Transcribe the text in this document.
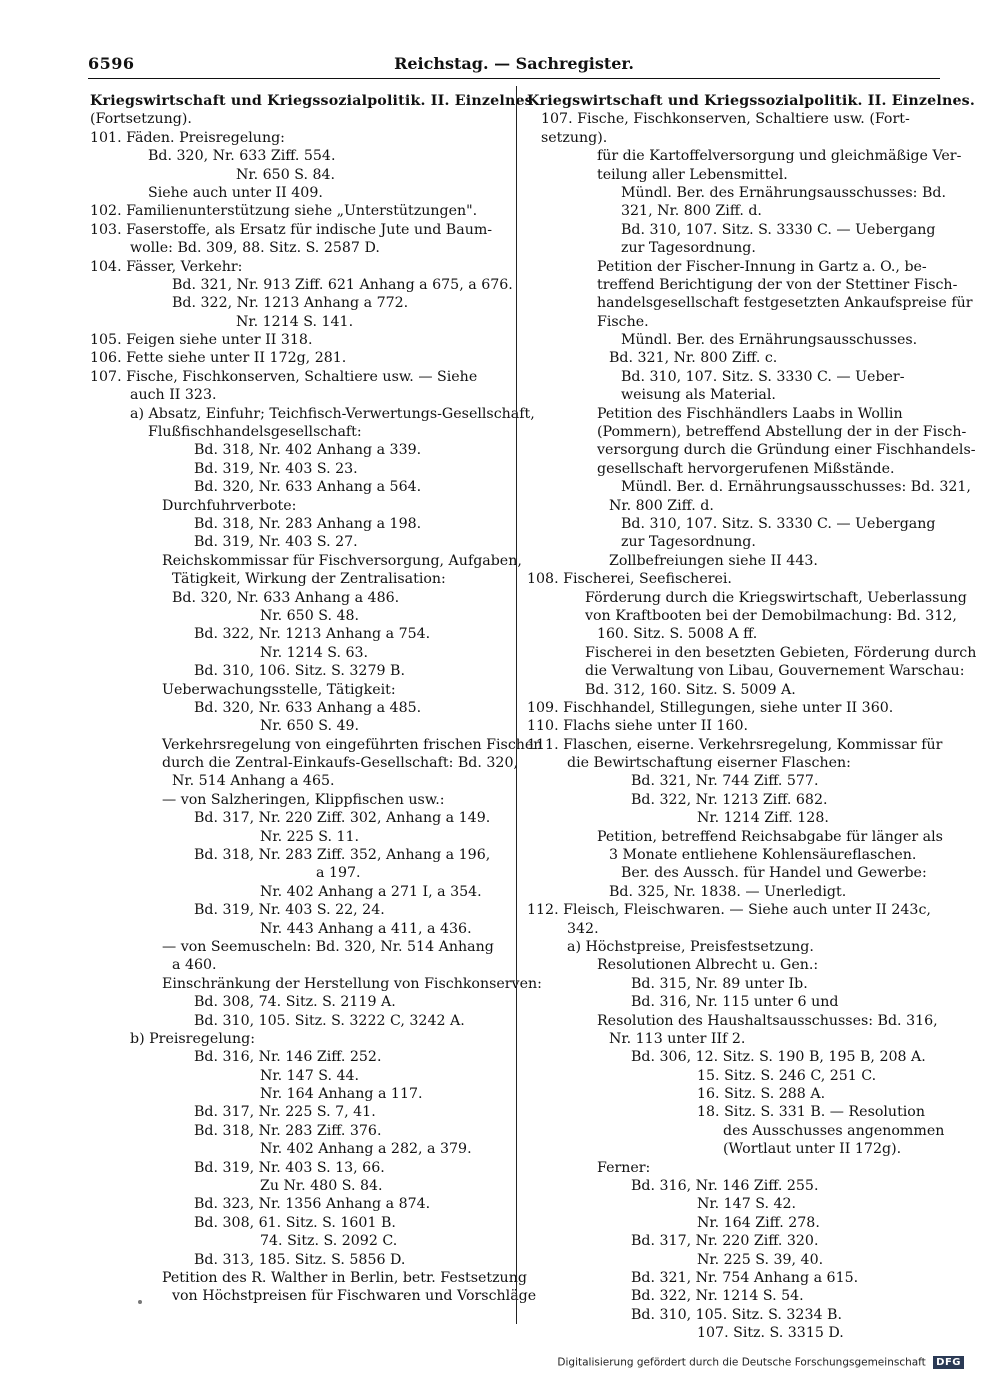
6596	Reichstag. — Sachregister.
Kriegswirtschaft und Kriegssozialpolitik. II. Einzelnes
(Fortsetzung).
101. Fäden. Preisregelung:
Bd. 320, Nr. 633 Ziff. 554.
Nr. 650 S. 84.
Siehe auch unter II 409.
102. Familienunterstützung siehe „Unterstützungen".
103. Faserstoffe, als Ersatz für indische Jute und Baum-
wolle: Bd. 309, 88. Sitz. S. 2587 D.
104. Fässer, Verkehr:
Bd. 321, Nr. 913 Ziff. 621 Anhang a 675, a 676.
Bd. 322, Nr. 1213 Anhang a 772.
Nr. 1214 S. 141.
105. Feigen siehe unter II 318.
106. Fette siehe unter II 172g, 281.
107. Fische, Fischkonserven, Schaltiere usw. — Siehe
auch II 323.
a) Absatz, Einfuhr; Teichfisch-Verwertungs-Gesellschaft,
Flußfischhandelsgesellschaft:
Bd. 318, Nr. 402 Anhang a 339.
Bd. 319, Nr. 403 S. 23.
Bd. 320, Nr. 633 Anhang a 564.
Durchfuhrverbote:
Bd. 318, Nr. 283 Anhang a 198.
Bd. 319, Nr. 403 S. 27.
Reichskommissar für Fischversorgung, Aufgaben,
Tätigkeit, Wirkung der Zentralisation:
Bd. 320, Nr. 633 Anhang a 486.
Nr. 650 S. 48.
Bd. 322, Nr. 1213 Anhang a 754.
Nr. 1214 S. 63.
Bd. 310, 106. Sitz. S. 3279 B.
Ueberwachungsstelle, Tätigkeit:
Bd. 320, Nr. 633 Anhang a 485.
Nr. 650 S. 49.
Verkehrsregelung von eingeführten frischen Fischen
durch die Zentral-Einkaufs-Gesellschaft: Bd. 320,
Nr. 514 Anhang a 465.
— von Salzheringen, Klippfischen usw.:
Bd. 317, Nr. 220 Ziff. 302, Anhang a 149.
Nr. 225 S. 11.
Bd. 318, Nr. 283 Ziff. 352, Anhang a 196,
a 197.
Nr. 402 Anhang a 271 I, a 354.
Bd. 319, Nr. 403 S. 22, 24.
Nr. 443 Anhang a 411, a 436.
— von Seemuscheln: Bd. 320, Nr. 514 Anhang
a 460.
Einschränkung der Herstellung von Fischkonserven:
Bd. 308, 74. Sitz. S. 2119 A.
Bd. 310, 105. Sitz. S. 3222 C, 3242 A.
b) Preisregelung:
Bd. 316, Nr. 146 Ziff. 252.
Nr. 147 S. 44.
Nr. 164 Anhang a 117.
Bd. 317, Nr. 225 S. 7, 41.
Bd. 318, Nr. 283 Ziff. 376.
Nr. 402 Anhang a 282, a 379.
Bd. 319, Nr. 403 S. 13, 66.
Zu Nr. 480 S. 84.
Bd. 323, Nr. 1356 Anhang a 874.
Bd. 308, 61. Sitz. S. 1601 B.
74. Sitz. S. 2092 C.
Bd. 313, 185. Sitz. S. 5856 D.
Petition des R. Walther in Berlin, betr. Festsetzung
von Höchstpreisen für Fischwaren und Vorschläge
Kriegswirtschaft und Kriegssozialpolitik. II. Einzelnes.
107. Fische, Fischkonserven, Schaltiere usw. (Fort-
setzung).
für die Kartoffelversorgung und gleichmäßige Ver-
teilung aller Lebensmittel.
Mündl. Ber. des Ernährungsausschusses: Bd.
321, Nr. 800 Ziff. d.
Bd. 310, 107. Sitz. S. 3330 C. — Uebergang
zur Tagesordnung.
Petition der Fischer-Innung in Gartz a. O., be-
treffend Berichtigung der von der Stettiner Fisch-
handelsgesellschaft festgesetzten Ankaufspreise für
Fische.
Mündl. Ber. des Ernährungsausschusses.
Bd. 321, Nr. 800 Ziff. c.
Bd. 310, 107. Sitz. S. 3330 C. — Ueber-
weisung als Material.
Petition des Fischhändlers Laabs in Wollin
(Pommern), betreffend Abstellung der in der Fisch-
versorgung durch die Gründung einer Fischhandels-
gesellschaft hervorgerufenen Mißstände.
Mündl. Ber. d. Ernährungsausschusses: Bd. 321,
Nr. 800 Ziff. d.
Bd. 310, 107. Sitz. S. 3330 C. — Uebergang
zur Tagesordnung.
Zollbefreiungen siehe II 443.
108. Fischerei, Seefischerei.
Förderung durch die Kriegswirtschaft, Ueberlassung
von Kraftbooten bei der Demobilmachung: Bd. 312,
160. Sitz. S. 5008 A ff.
Fischerei in den besetzten Gebieten, Förderung durch
die Verwaltung von Libau, Gouvernement Warschau:
Bd. 312, 160. Sitz. S. 5009 A.
109. Fischhandel, Stillegungen, siehe unter II 360.
110. Flachs siehe unter II 160.
111. Flaschen, eiserne. Verkehrsregelung, Kommissar für
die Bewirtschaftung eiserner Flaschen:
Bd. 321, Nr. 744 Ziff. 577.
Bd. 322, Nr. 1213 Ziff. 682.
Nr. 1214 Ziff. 128.
Petition, betreffend Reichsabgabe für länger als
3 Monate entliehene Kohlensäureflaschen.
Ber. des Aussch. für Handel und Gewerbe:
Bd. 325, Nr. 1838. — Unerledigt.
112. Fleisch, Fleischwaren. — Siehe auch unter II 243c,
342.
a) Höchstpreise, Preisfestsetzung.
Resolutionen Albrecht u. Gen.:
Bd. 315, Nr. 89 unter Ib.
Bd. 316, Nr. 115 unter 6 und
Resolution des Haushaltsausschusses: Bd. 316,
Nr. 113 unter IIf 2.
Bd. 306, 12. Sitz. S. 190 B, 195 B, 208 A.
15. Sitz. S. 246 C, 251 C.
16. Sitz. S. 288 A.
18. Sitz. S. 331 B. — Resolution
des Ausschusses angenommen
(Wortlaut unter II 172g).
Ferner:
Bd. 316, Nr. 146 Ziff. 255.
Nr. 147 S. 42.
Nr. 164 Ziff. 278.
Bd. 317, Nr. 220 Ziff. 320.
Nr. 225 S. 39, 40.
Bd. 321, Nr. 754 Anhang a 615.
Bd. 322, Nr. 1214 S. 54.
Bd. 310, 105. Sitz. S. 3234 B.
107. Sitz. S. 3315 D.
Digitalisierung gefördert durch die Deutsche Forschungsgemeinschaft DFG
